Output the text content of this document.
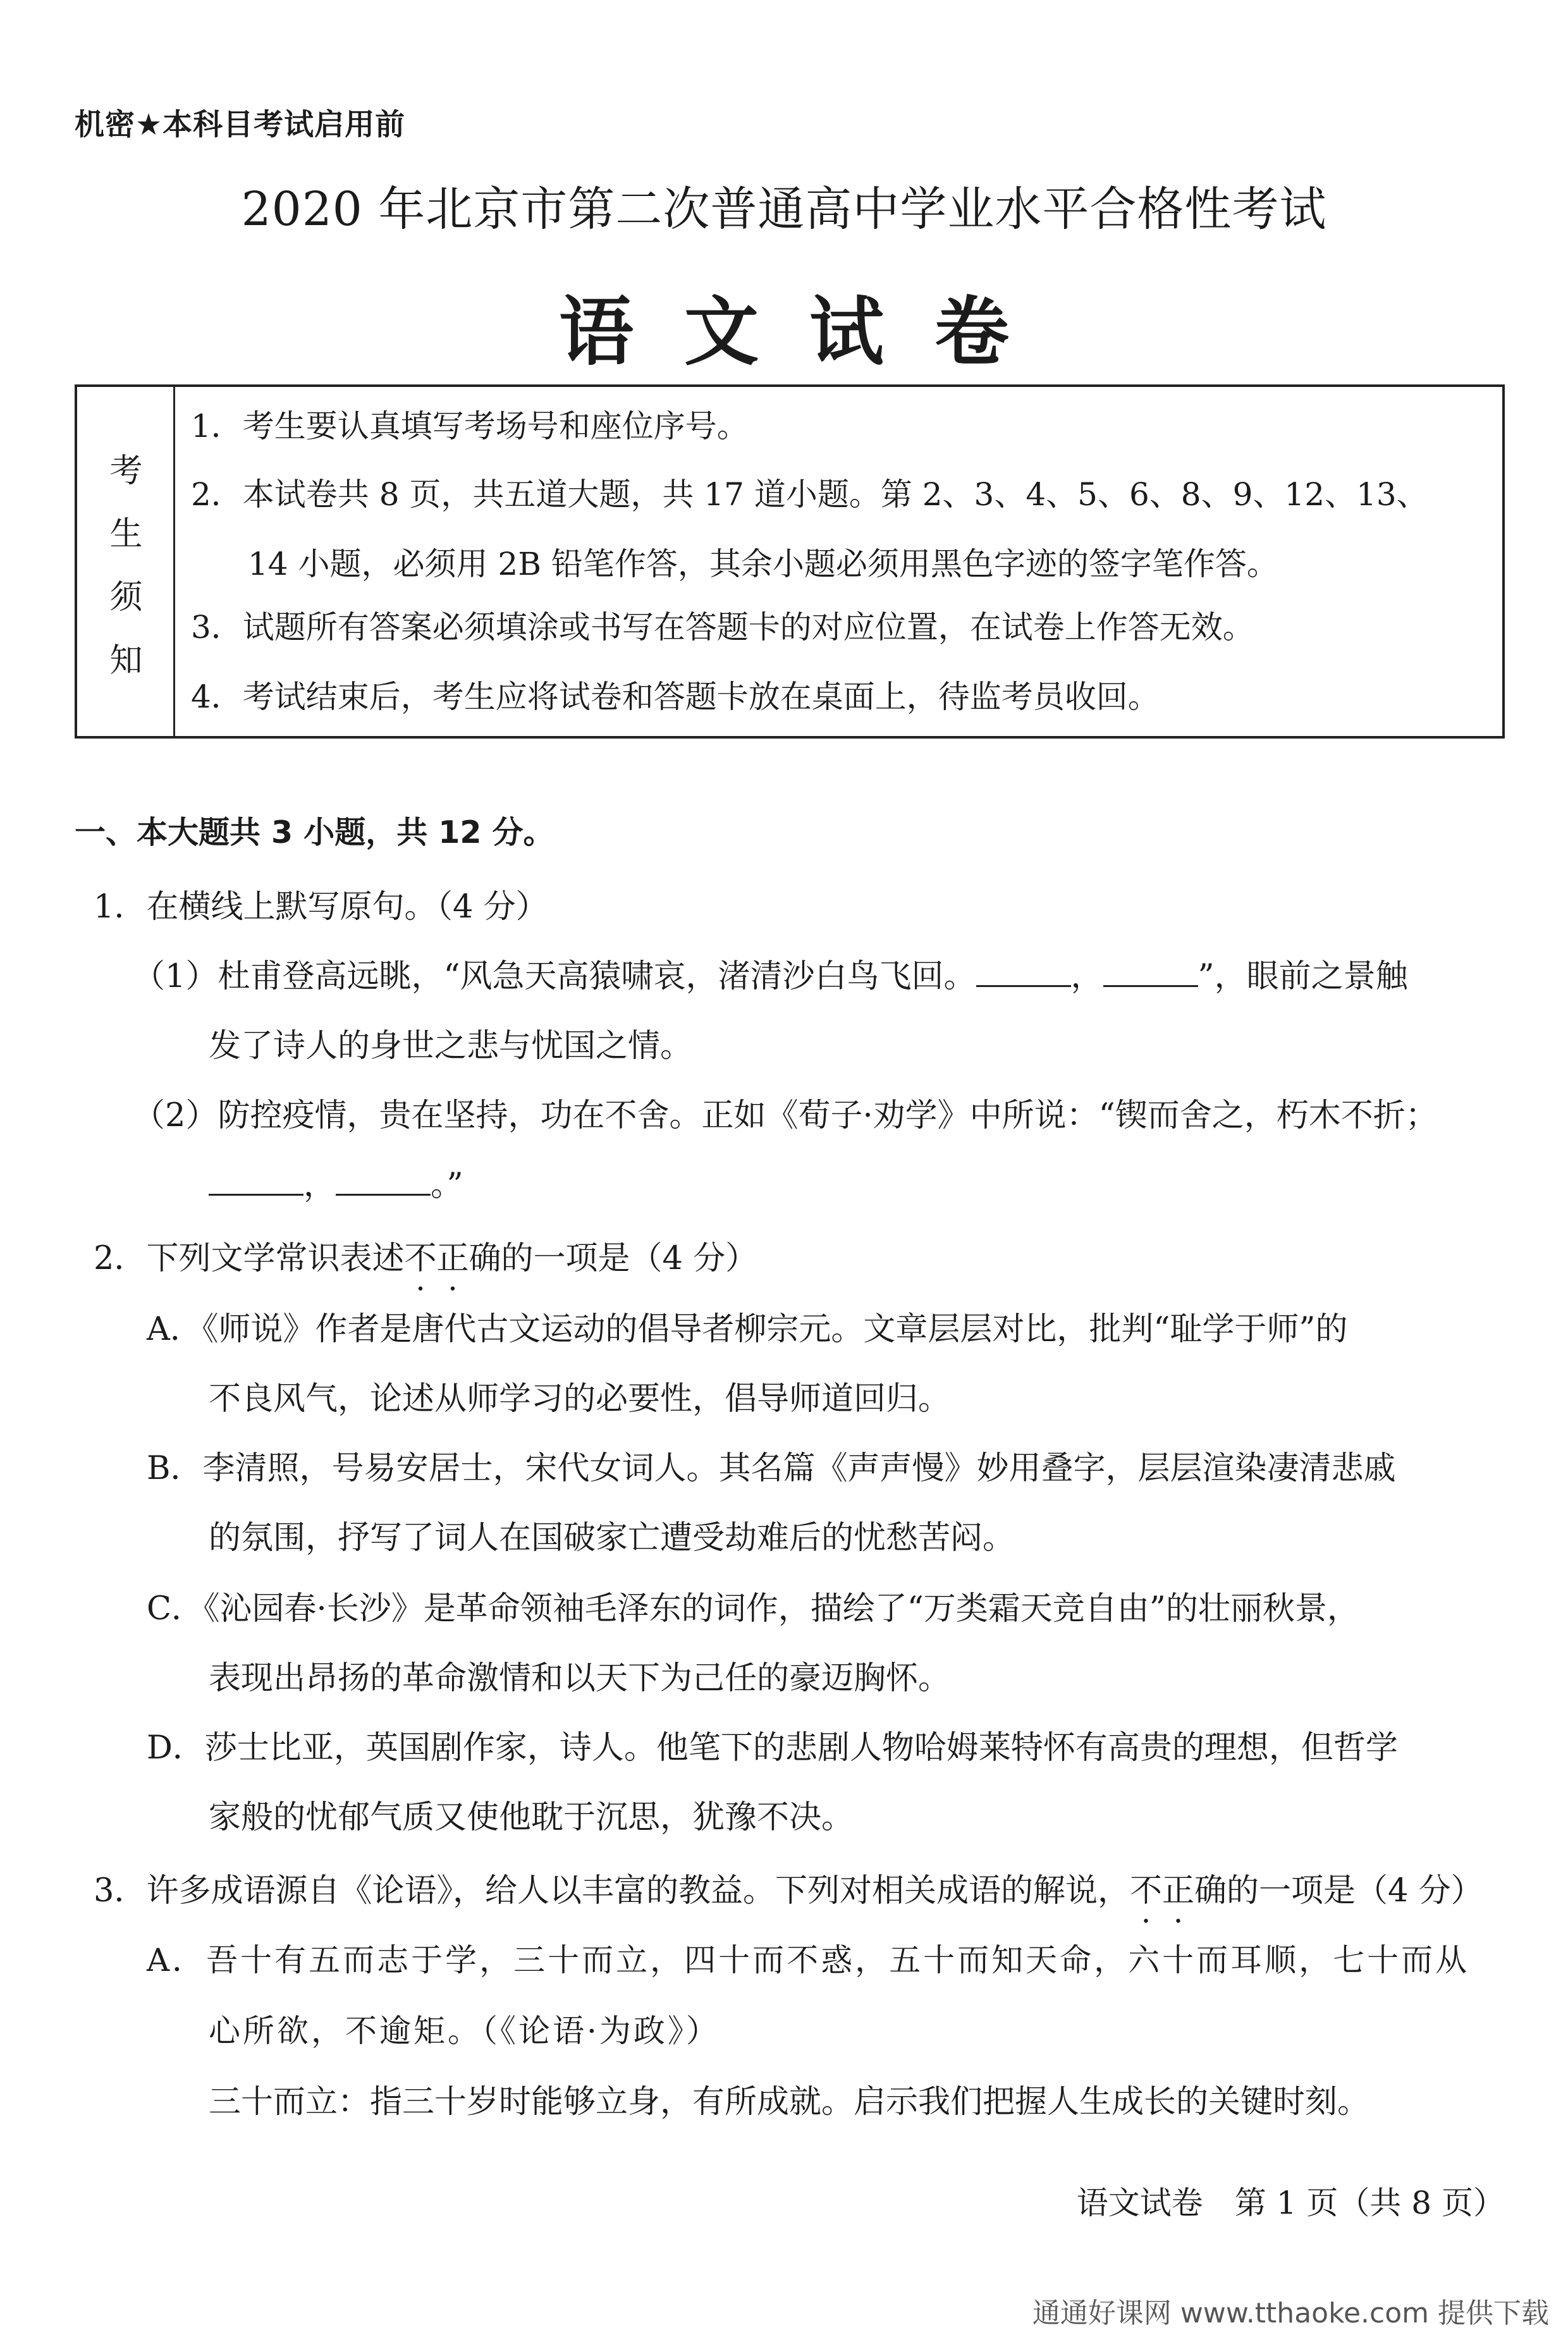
机密★本科目考试启用前
2020 年北京市第二次普通高中学业水平合格性考试
语文试卷
考
生
须
知
1．考生要认真填写考场号和座位序号。
2．本试卷共 8 页，共五道大题，共 17 道小题。第 2、3、4、5、6、8、9、12、13、
14 小题，必须用 2B 铅笔作答，其余小题必须用黑色字迹的签字笔作答。
3．试题所有答案必须填涂或书写在答题卡的对应位置，在试卷上作答无效。
4．考试结束后，考生应将试卷和答题卡放在桌面上，待监考员收回。
一、本大题共 3 小题，共 12 分。
1．在横线上默写原句。（4 分）
（1）杜甫登高远眺，“风急天高猿啸哀，渚清沙白鸟飞回。	，	”，眼前之景触
发了诗人的身世之悲与忧国之情。
（2）防控疫情，贵在坚持，功在不舍。正如《荀子·劝学》中所说：“锲而舍之，朽木不折；
，	。”
2．下列文学常识表述不正确的一项是（4 分）
A．《师说》作者是唐代古文运动的倡导者柳宗元。文章层层对比，批判“耻学于师”的
不良风气，论述从师学习的必要性，倡导师道回归。
B．李清照，号易安居士，宋代女词人。其名篇《声声慢》妙用叠字，层层渲染凄清悲戚
的氛围，抒写了词人在国破家亡遭受劫难后的忧愁苦闷。
C．《沁园春·长沙》是革命领袖毛泽东的词作，描绘了“万类霜天竞自由”的壮丽秋景，
表现出昂扬的革命激情和以天下为己任的豪迈胸怀。
D．莎士比亚，英国剧作家，诗人。他笔下的悲剧人物哈姆莱特怀有高贵的理想，但哲学
家般的忧郁气质又使他耽于沉思，犹豫不决。
3．许多成语源自《论语》，给人以丰富的教益。下列对相关成语的解说，不正确的一项是（4 分）
A．吾十有五而志于学，三十而立，四十而不惑，五十而知天命，六十而耳顺，七十而从
心所欲，不逾矩。（《论语·为政》）
三十而立：指三十岁时能够立身，有所成就。启示我们把握人生成长的关键时刻。
语文试卷　第 1 页（共 8 页）
通通好课网 www.tthaoke.com 提供下载
